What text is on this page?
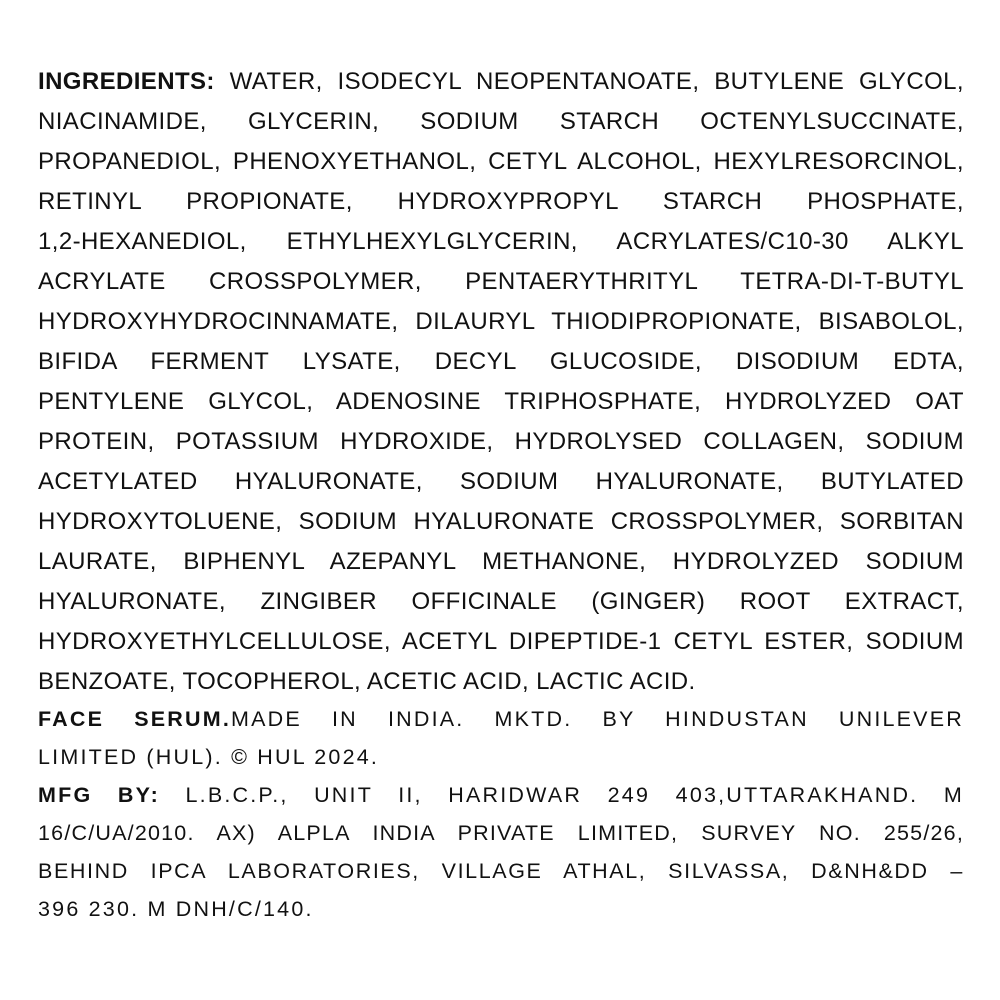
INGREDIENTS: WATER, ISODECYL NEOPENTANOATE, BUTYLENE GLYCOL,
NIACINAMIDE, GLYCERIN, SODIUM STARCH OCTENYLSUCCINATE,
PROPANEDIOL, PHENOXYETHANOL, CETYL ALCOHOL, HEXYLRESORCINOL,
RETINYL PROPIONATE, HYDROXYPROPYL STARCH PHOSPHATE,
1,2-HEXANEDIOL, ETHYLHEXYLGLYCERIN, ACRYLATES/C10-30 ALKYL
ACRYLATE CROSSPOLYMER, PENTAERYTHRITYL TETRA-DI-T-BUTYL
HYDROXYHYDROCINNAMATE, DILAURYL THIODIPROPIONATE, BISABOLOL,
BIFIDA FERMENT LYSATE, DECYL GLUCOSIDE, DISODIUM EDTA,
PENTYLENE GLYCOL, ADENOSINE TRIPHOSPHATE, HYDROLYZED OAT
PROTEIN, POTASSIUM HYDROXIDE, HYDROLYSED COLLAGEN, SODIUM
ACETYLATED HYALURONATE, SODIUM HYALURONATE, BUTYLATED
HYDROXYTOLUENE, SODIUM HYALURONATE CROSSPOLYMER, SORBITAN
LAURATE, BIPHENYL AZEPANYL METHANONE, HYDROLYZED SODIUM
HYALURONATE, ZINGIBER OFFICINALE (GINGER) ROOT EXTRACT,
HYDROXYETHYLCELLULOSE, ACETYL DIPEPTIDE-1 CETYL ESTER, SODIUM
BENZOATE, TOCOPHEROL, ACETIC ACID, LACTIC ACID.
FACE SERUM.MADE IN INDIA. MKTD. BY HINDUSTAN UNILEVER
LIMITED (HUL). © HUL 2024.
MFG BY: L.B.C.P., UNIT II, HARIDWAR 249 403,UTTARAKHAND. M
16/C/UA/2010. AX) ALPLA INDIA PRIVATE LIMITED, SURVEY NO. 255/26,
BEHIND IPCA LABORATORIES, VILLAGE ATHAL, SILVASSA, D&NH&DD –
396 230. M DNH/C/140.
